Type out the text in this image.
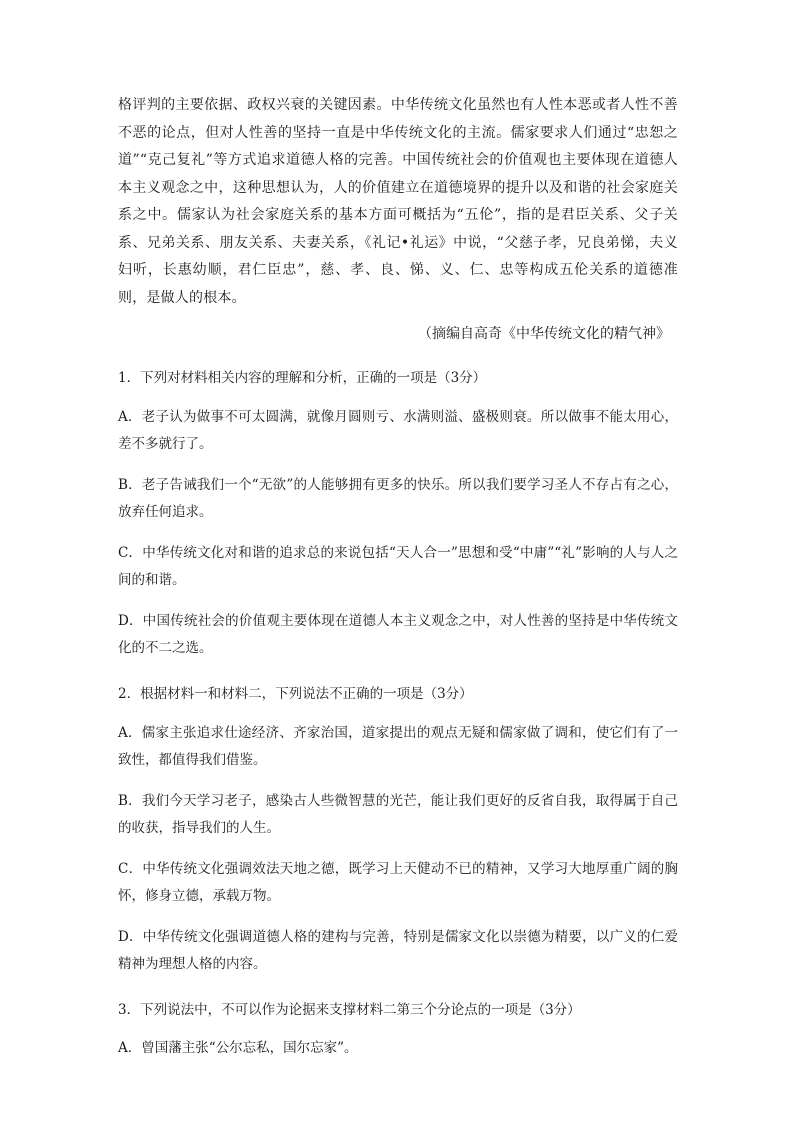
格评判的主要依据、政权兴衰的关键因素。中华传统文化虽然也有人性本恶或者人性不善不恶的论点，但对人性善的坚持一直是中华传统文化的主流。儒家要求人们通过“忠恕之道”“克己复礼”等方式追求道德人格的完善。中国传统社会的价值观也主要体现在道德人本主义观念之中，这种思想认为，人的价值建立在道德境界的提升以及和谐的社会家庭关系之中。儒家认为社会家庭关系的基本方面可概括为“五伦”，指的是君臣关系、父子关系、兄弟关系、朋友关系、夫妻关系，《礼记•礼运》中说，“父慈子孝，兄良弟悌，夫义妇听，长惠幼顺，君仁臣忠”，慈、孝、良、悌、义、仁、忠等构成五伦关系的道德准则，是做人的根本。

（摘编自高奇《中华传统文化的精气神》

1．下列对材料相关内容的理解和分析，正确的一项是（3分）

A．老子认为做事不可太圆满，就像月圆则亏、水满则溢、盛极则衰。所以做事不能太用心，差不多就行了。

B．老子告诫我们一个“无欲”的人能够拥有更多的快乐。所以我们要学习圣人不存占有之心，放弃任何追求。

C．中华传统文化对和谐的追求总的来说包括“天人合一”思想和受“中庸”“礼”影响的人与人之间的和谐。

D．中国传统社会的价值观主要体现在道德人本主义观念之中，对人性善的坚持是中华传统文化的不二之选。

2．根据材料一和材料二，下列说法不正确的一项是（3分）

A．儒家主张追求仕途经济、齐家治国，道家提出的观点无疑和儒家做了调和，使它们有了一致性，都值得我们借鉴。

B．我们今天学习老子，感染古人些微智慧的光芒，能让我们更好的反省自我，取得属于自己的收获，指导我们的人生。

C．中华传统文化强调效法天地之德，既学习上天健动不已的精神，又学习大地厚重广阔的胸怀，修身立德，承载万物。

D．中华传统文化强调道德人格的建构与完善，特别是儒家文化以崇德为精要，以广义的仁爱精神为理想人格的内容。

3．下列说法中，不可以作为论据来支撑材料二第三个分论点的一项是（3分）

A．曾国藩主张“公尔忘私，国尔忘家”。
